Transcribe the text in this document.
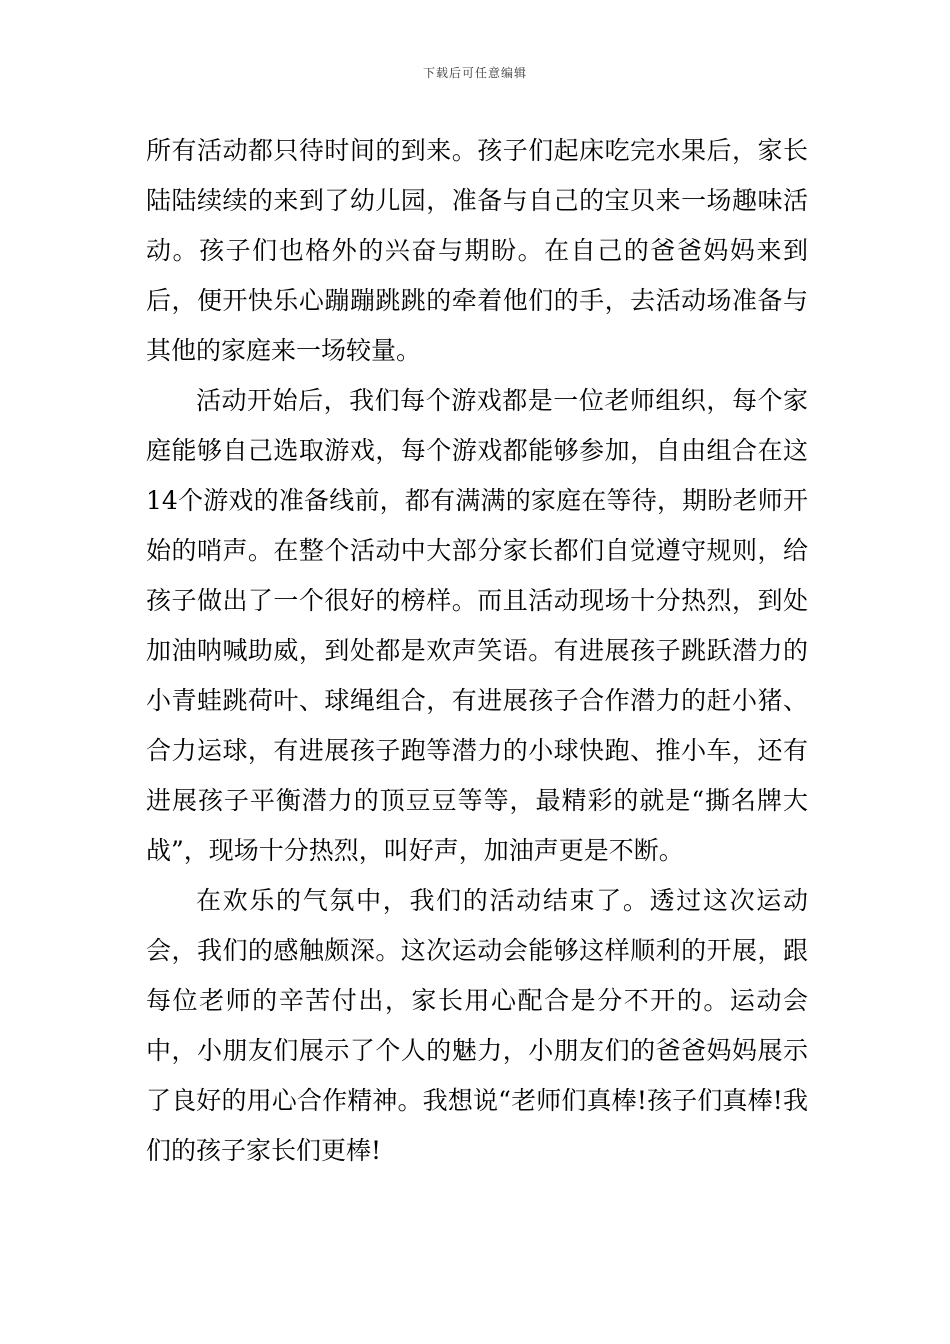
下载后可任意编辑

所有活动都只待时间的到来。孩子们起床吃完水果后，家长陆陆续续的来到了幼儿园，准备与自己的宝贝来一场趣味活动。孩子们也格外的兴奋与期盼。在自己的爸爸妈妈来到后，便开快乐心蹦蹦跳跳的牵着他们的手，去活动场准备与其他的家庭来一场较量。

活动开始后，我们每个游戏都是一位老师组织，每个家庭能够自己选取游戏，每个游戏都能够参加，自由组合在这14个游戏的准备线前，都有满满的家庭在等待，期盼老师开始的哨声。在整个活动中大部分家长都们自觉遵守规则，给孩子做出了一个很好的榜样。而且活动现场十分热烈，到处加油呐喊助威，到处都是欢声笑语。有进展孩子跳跃潜力的小青蛙跳荷叶、球绳组合，有进展孩子合作潜力的赶小猪、合力运球，有进展孩子跑等潜力的小球快跑、推小车，还有进展孩子平衡潜力的顶豆豆等等，最精彩的就是“撕名牌大战”，现场十分热烈，叫好声，加油声更是不断。

在欢乐的气氛中，我们的活动结束了。透过这次运动会，我们的感触颇深。这次运动会能够这样顺利的开展，跟每位老师的辛苦付出，家长用心配合是分不开的。运动会中，小朋友们展示了个人的魅力，小朋友们的爸爸妈妈展示了良好的用心合作精神。我想说“老师们真棒!孩子们真棒!我们的孩子家长们更棒!
